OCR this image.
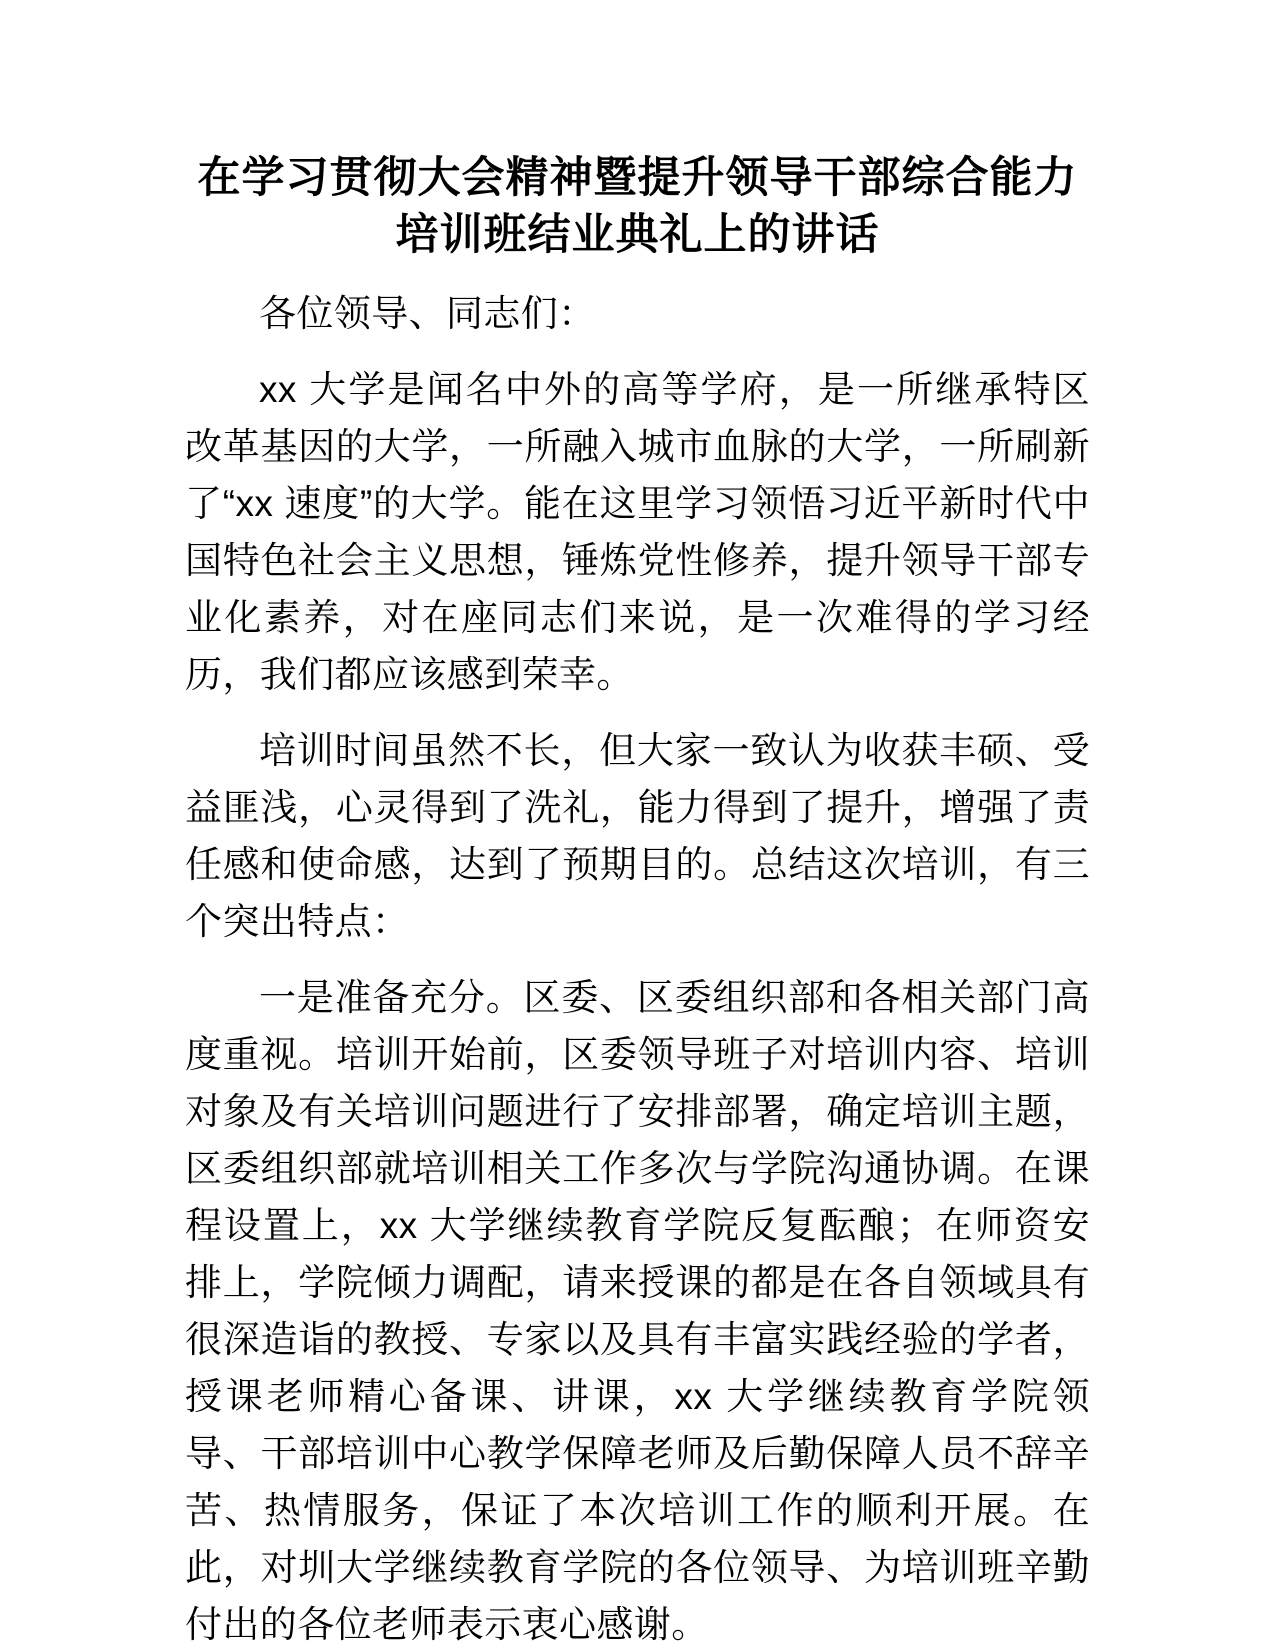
在学习贯彻大会精神暨提升领导干部综合能力
培训班结业典礼上的讲话

各位领导、同志们：

xx 大学是闻名中外的高等学府，是一所继承特区改革基因的大学，一所融入城市血脉的大学，一所刷新了“xx 速度”的大学。能在这里学习领悟习近平新时代中国特色社会主义思想，锤炼党性修养，提升领导干部专业化素养，对在座同志们来说，是一次难得的学习经历，我们都应该感到荣幸。

培训时间虽然不长，但大家一致认为收获丰硕、受益匪浅，心灵得到了洗礼，能力得到了提升，增强了责任感和使命感，达到了预期目的。总结这次培训，有三个突出特点：

一是准备充分。区委、区委组织部和各相关部门高度重视。培训开始前，区委领导班子对培训内容、培训对象及有关培训问题进行了安排部署，确定培训主题，区委组织部就培训相关工作多次与学院沟通协调。在课程设置上，xx 大学继续教育学院反复酝酿；在师资安排上，学院倾力调配，请来授课的都是在各自领域具有很深造诣的教授、专家以及具有丰富实践经验的学者，授课老师精心备课、讲课，xx 大学继续教育学院领导、干部培训中心教学保障老师及后勤保障人员不辞辛苦、热情服务，保证了本次培训工作的顺利开展。在此，对圳大学继续教育学院的各位领导、为培训班辛勤付出的各位老师表示衷心感谢。
